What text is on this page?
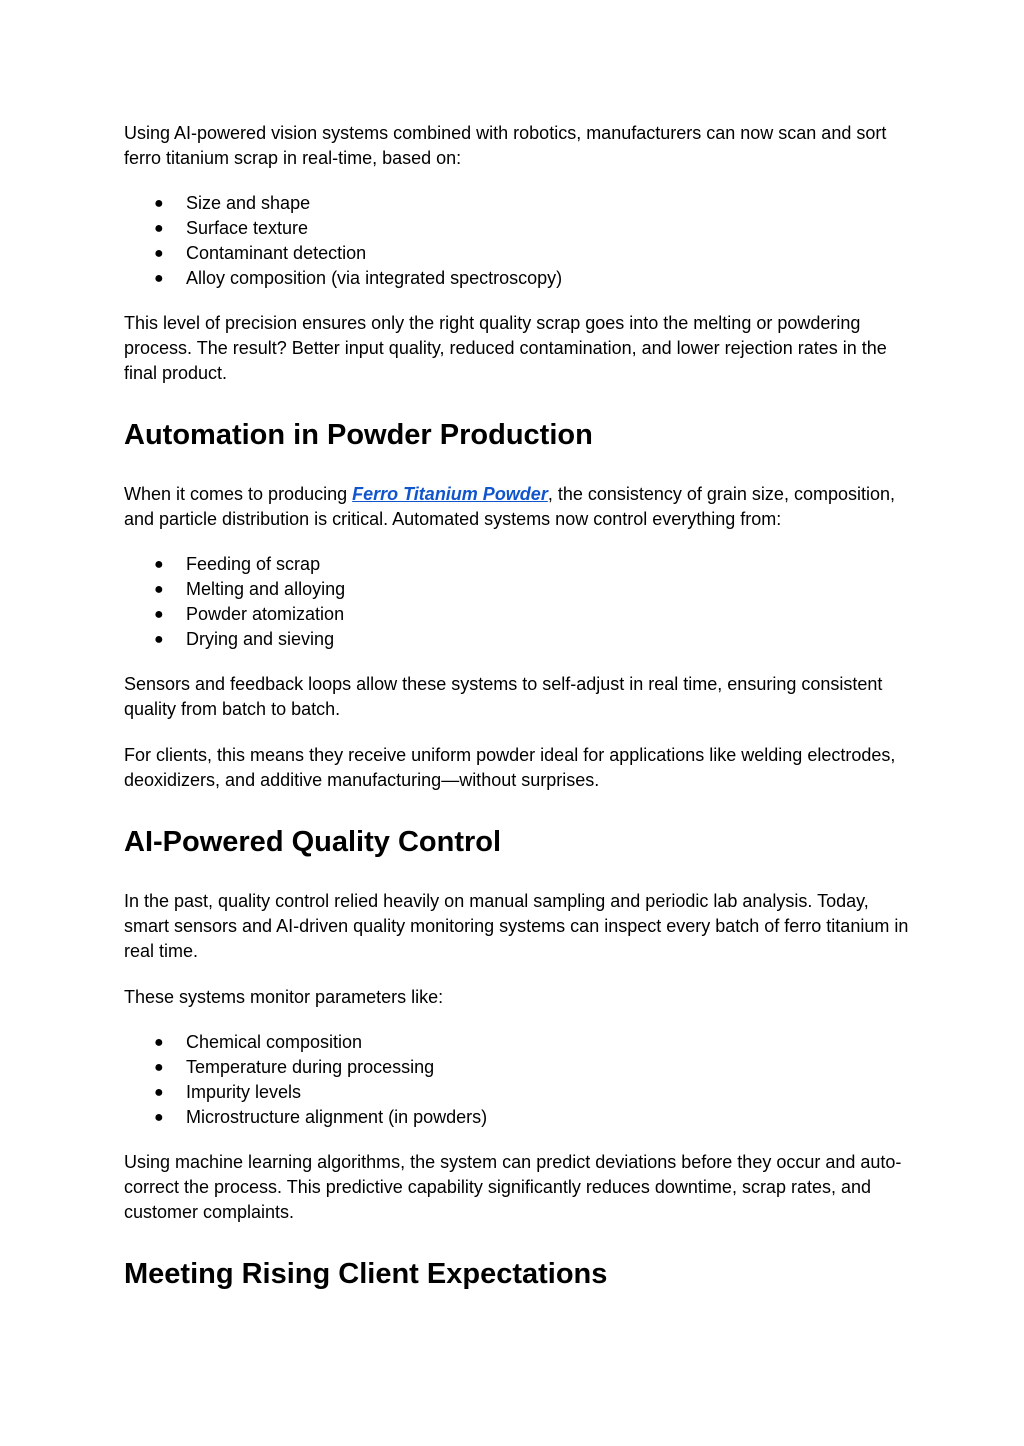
Using AI-powered vision systems combined with robotics, manufacturers can now scan and sort ferro titanium scrap in real-time, based on:

● Size and shape
● Surface texture
● Contaminant detection
● Alloy composition (via integrated spectroscopy)

This level of precision ensures only the right quality scrap goes into the melting or powdering process. The result? Better input quality, reduced contamination, and lower rejection rates in the final product.

Automation in Powder Production

When it comes to producing Ferro Titanium Powder, the consistency of grain size, composition, and particle distribution is critical. Automated systems now control everything from:

● Feeding of scrap
● Melting and alloying
● Powder atomization
● Drying and sieving

Sensors and feedback loops allow these systems to self-adjust in real time, ensuring consistent quality from batch to batch.

For clients, this means they receive uniform powder ideal for applications like welding electrodes, deoxidizers, and additive manufacturing—without surprises.

AI-Powered Quality Control

In the past, quality control relied heavily on manual sampling and periodic lab analysis. Today, smart sensors and AI-driven quality monitoring systems can inspect every batch of ferro titanium in real time.

These systems monitor parameters like:

● Chemical composition
● Temperature during processing
● Impurity levels
● Microstructure alignment (in powders)

Using machine learning algorithms, the system can predict deviations before they occur and auto-correct the process. This predictive capability significantly reduces downtime, scrap rates, and customer complaints.

Meeting Rising Client Expectations
